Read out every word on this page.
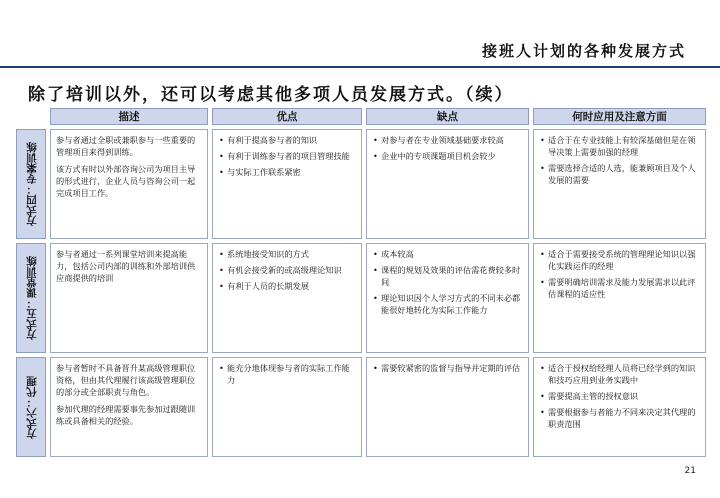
接班人计划的各种发展方式
除了培训以外，还可以考虑其他多项人员发展方式。（续）
描述	优点	缺点	何时应用及注意方面
方式四：专案训练

参与者通过全职或兼职参与一些重要的管理项目来得到训练。

该方式有时以外部咨询公司为项目主导的形式进行，企业人员与咨询公司一起完成项目工作。

• 有利于提高参与者的知识
• 有利于训练参与者的项目管理技能
• 与实际工作联系紧密
• 对参与者在专业领域基础要求较高
• 企业中的专项课题项目机会较少
• 适合于在专业技能上有较深基础但是在领导决策上需要加强的经理
• 需要选择合适的人选，能兼顾项目及个人发展的需要
方式五：课堂训练

参与者通过一系列课堂培训来提高能力，包括公司内部的训练和外部培训供应商提供的培训

• 系统地接受知识的方式
• 有机会接受新的或高级理论知识
• 有利于人员的长期发展
• 成本较高
• 课程的规划及效果的评估需花费较多时间
• 理论知识因个人学习方式的不同未必都能很好地转化为实际工作能力
• 适合于需要接受系统的管理理论知识以强化实践运作的经理
• 需要明确培训需求及能力发展需求以此评估课程的适应性
方式六：代理

参与者暂时不具备晋升某高级管理职位资格，但由其代理履行该高级管理职位的部分或全部职责与角色。

参加代理的经理需要事先参加过跟随训练或具备相关的经验。

• 能充分地体现参与者的实际工作能力
• 需要较紧密的监督与指导并定期的评估
•	适合于授权给经理人员将已经学到的知识和技巧应用到业务实践中
• 需要提高主管的授权意识
• 需要根据参与者能力不同来决定其代理的职责范围
21
